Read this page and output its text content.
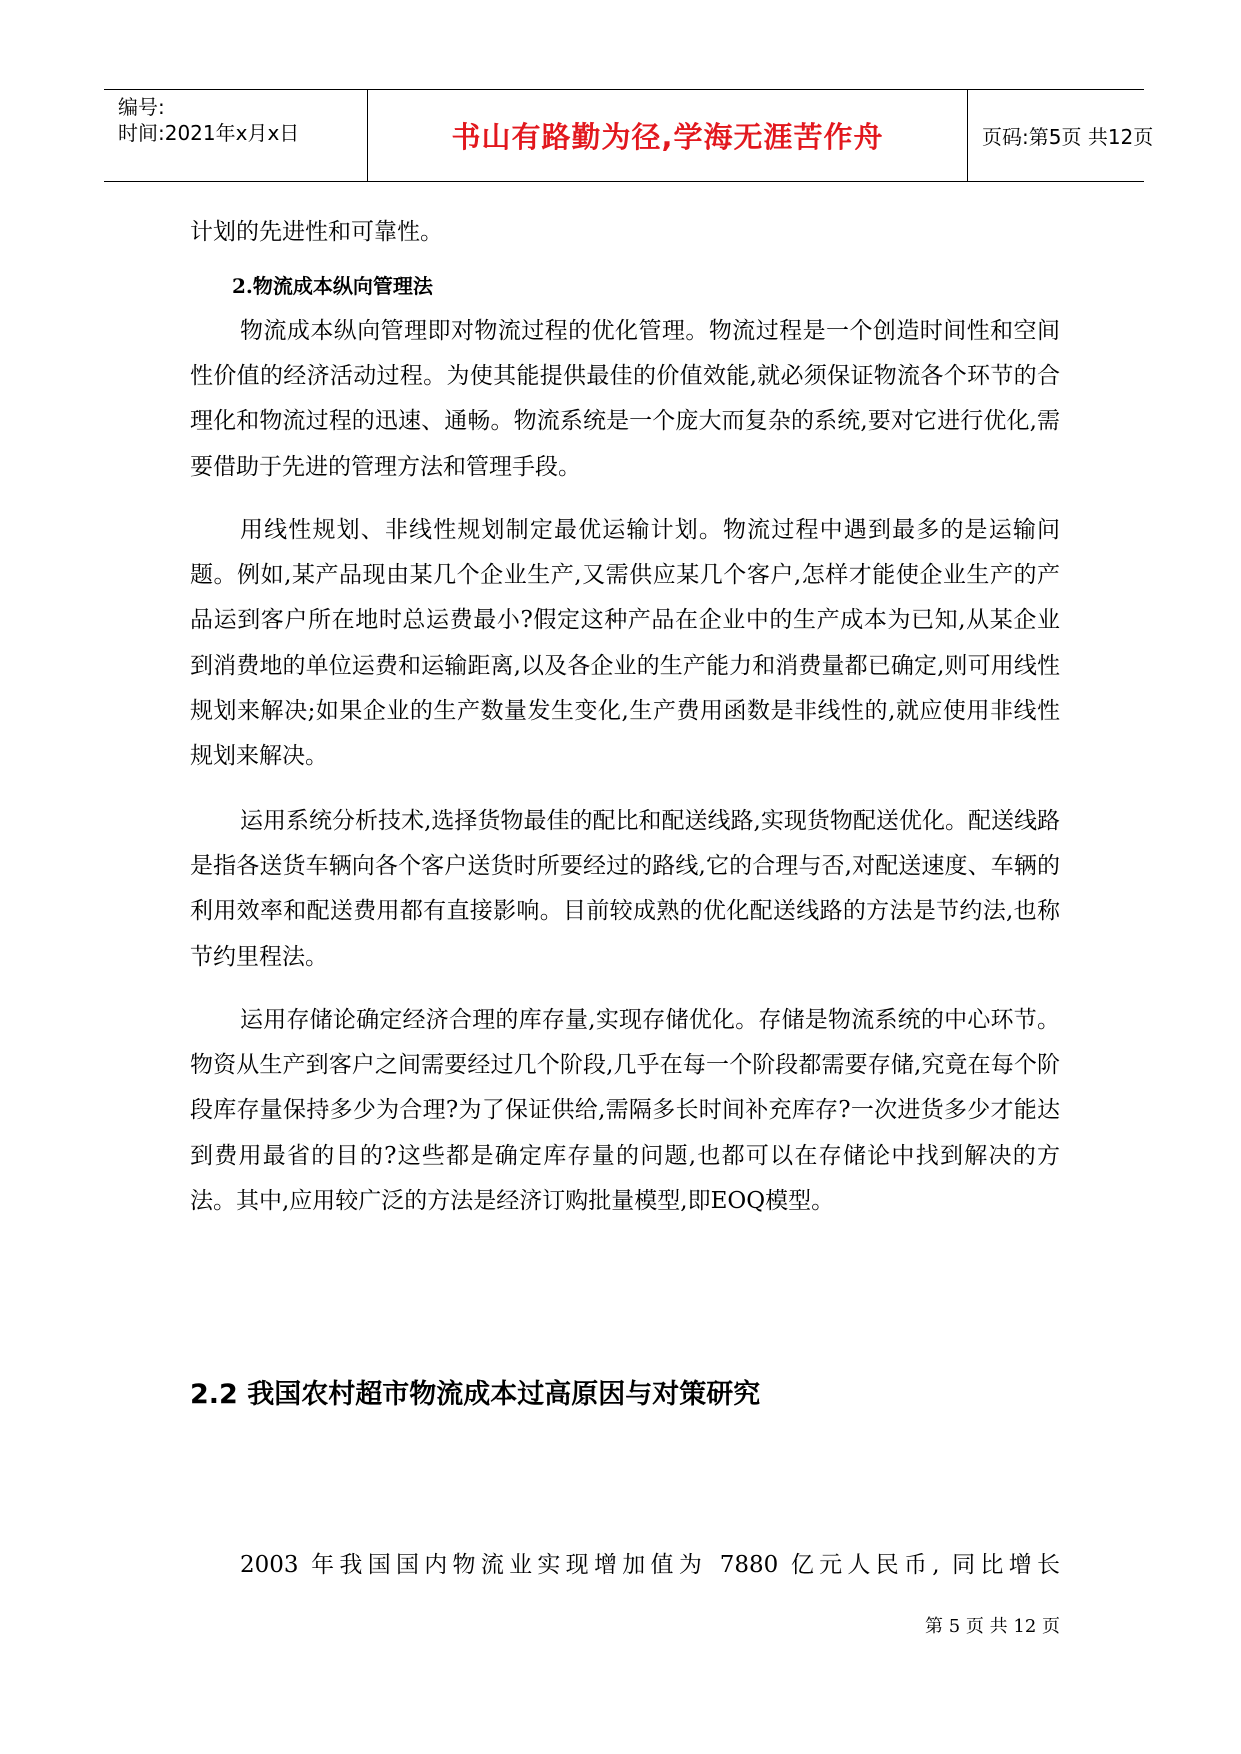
编号:
时间:2021年x月x日	书山有路勤为径,学海无涯苦作舟	页码:第5页 共12页

计划的先进性和可靠性。

2.物流成本纵向管理法

物流成本纵向管理即对物流过程的优化管理。物流过程是一个创造时间性和空间性价值的经济活动过程。为使其能提供最佳的价值效能,就必须保证物流各个环节的合理化和物流过程的迅速、通畅。物流系统是一个庞大而复杂的系统,要对它进行优化,需要借助于先进的管理方法和管理手段。

用线性规划、非线性规划制定最优运输计划。物流过程中遇到最多的是运输问题。例如,某产品现由某几个企业生产,又需供应某几个客户,怎样才能使企业生产的产品运到客户所在地时总运费最小?假定这种产品在企业中的生产成本为已知,从某企业到消费地的单位运费和运输距离,以及各企业的生产能力和消费量都已确定,则可用线性规划来解决;如果企业的生产数量发生变化,生产费用函数是非线性的,就应使用非线性规划来解决。

运用系统分析技术,选择货物最佳的配比和配送线路,实现货物配送优化。配送线路是指各送货车辆向各个客户送货时所要经过的路线,它的合理与否,对配送速度、车辆的利用效率和配送费用都有直接影响。目前较成熟的优化配送线路的方法是节约法,也称节约里程法。

运用存储论确定经济合理的库存量,实现存储优化。存储是物流系统的中心环节。物资从生产到客户之间需要经过几个阶段,几乎在每一个阶段都需要存储,究竟在每个阶段库存量保持多少为合理?为了保证供给,需隔多长时间补充库存?一次进货多少才能达到费用最省的目的?这些都是确定库存量的问题,也都可以在存储论中找到解决的方法。其中,应用较广泛的方法是经济订购批量模型,即EOQ模型。

2.2 我国农村超市物流成本过高原因与对策研究

2003 年我国国内物流业实现增加值为 7880 亿元人民币, 同比增长

第 5 页 共 12 页
